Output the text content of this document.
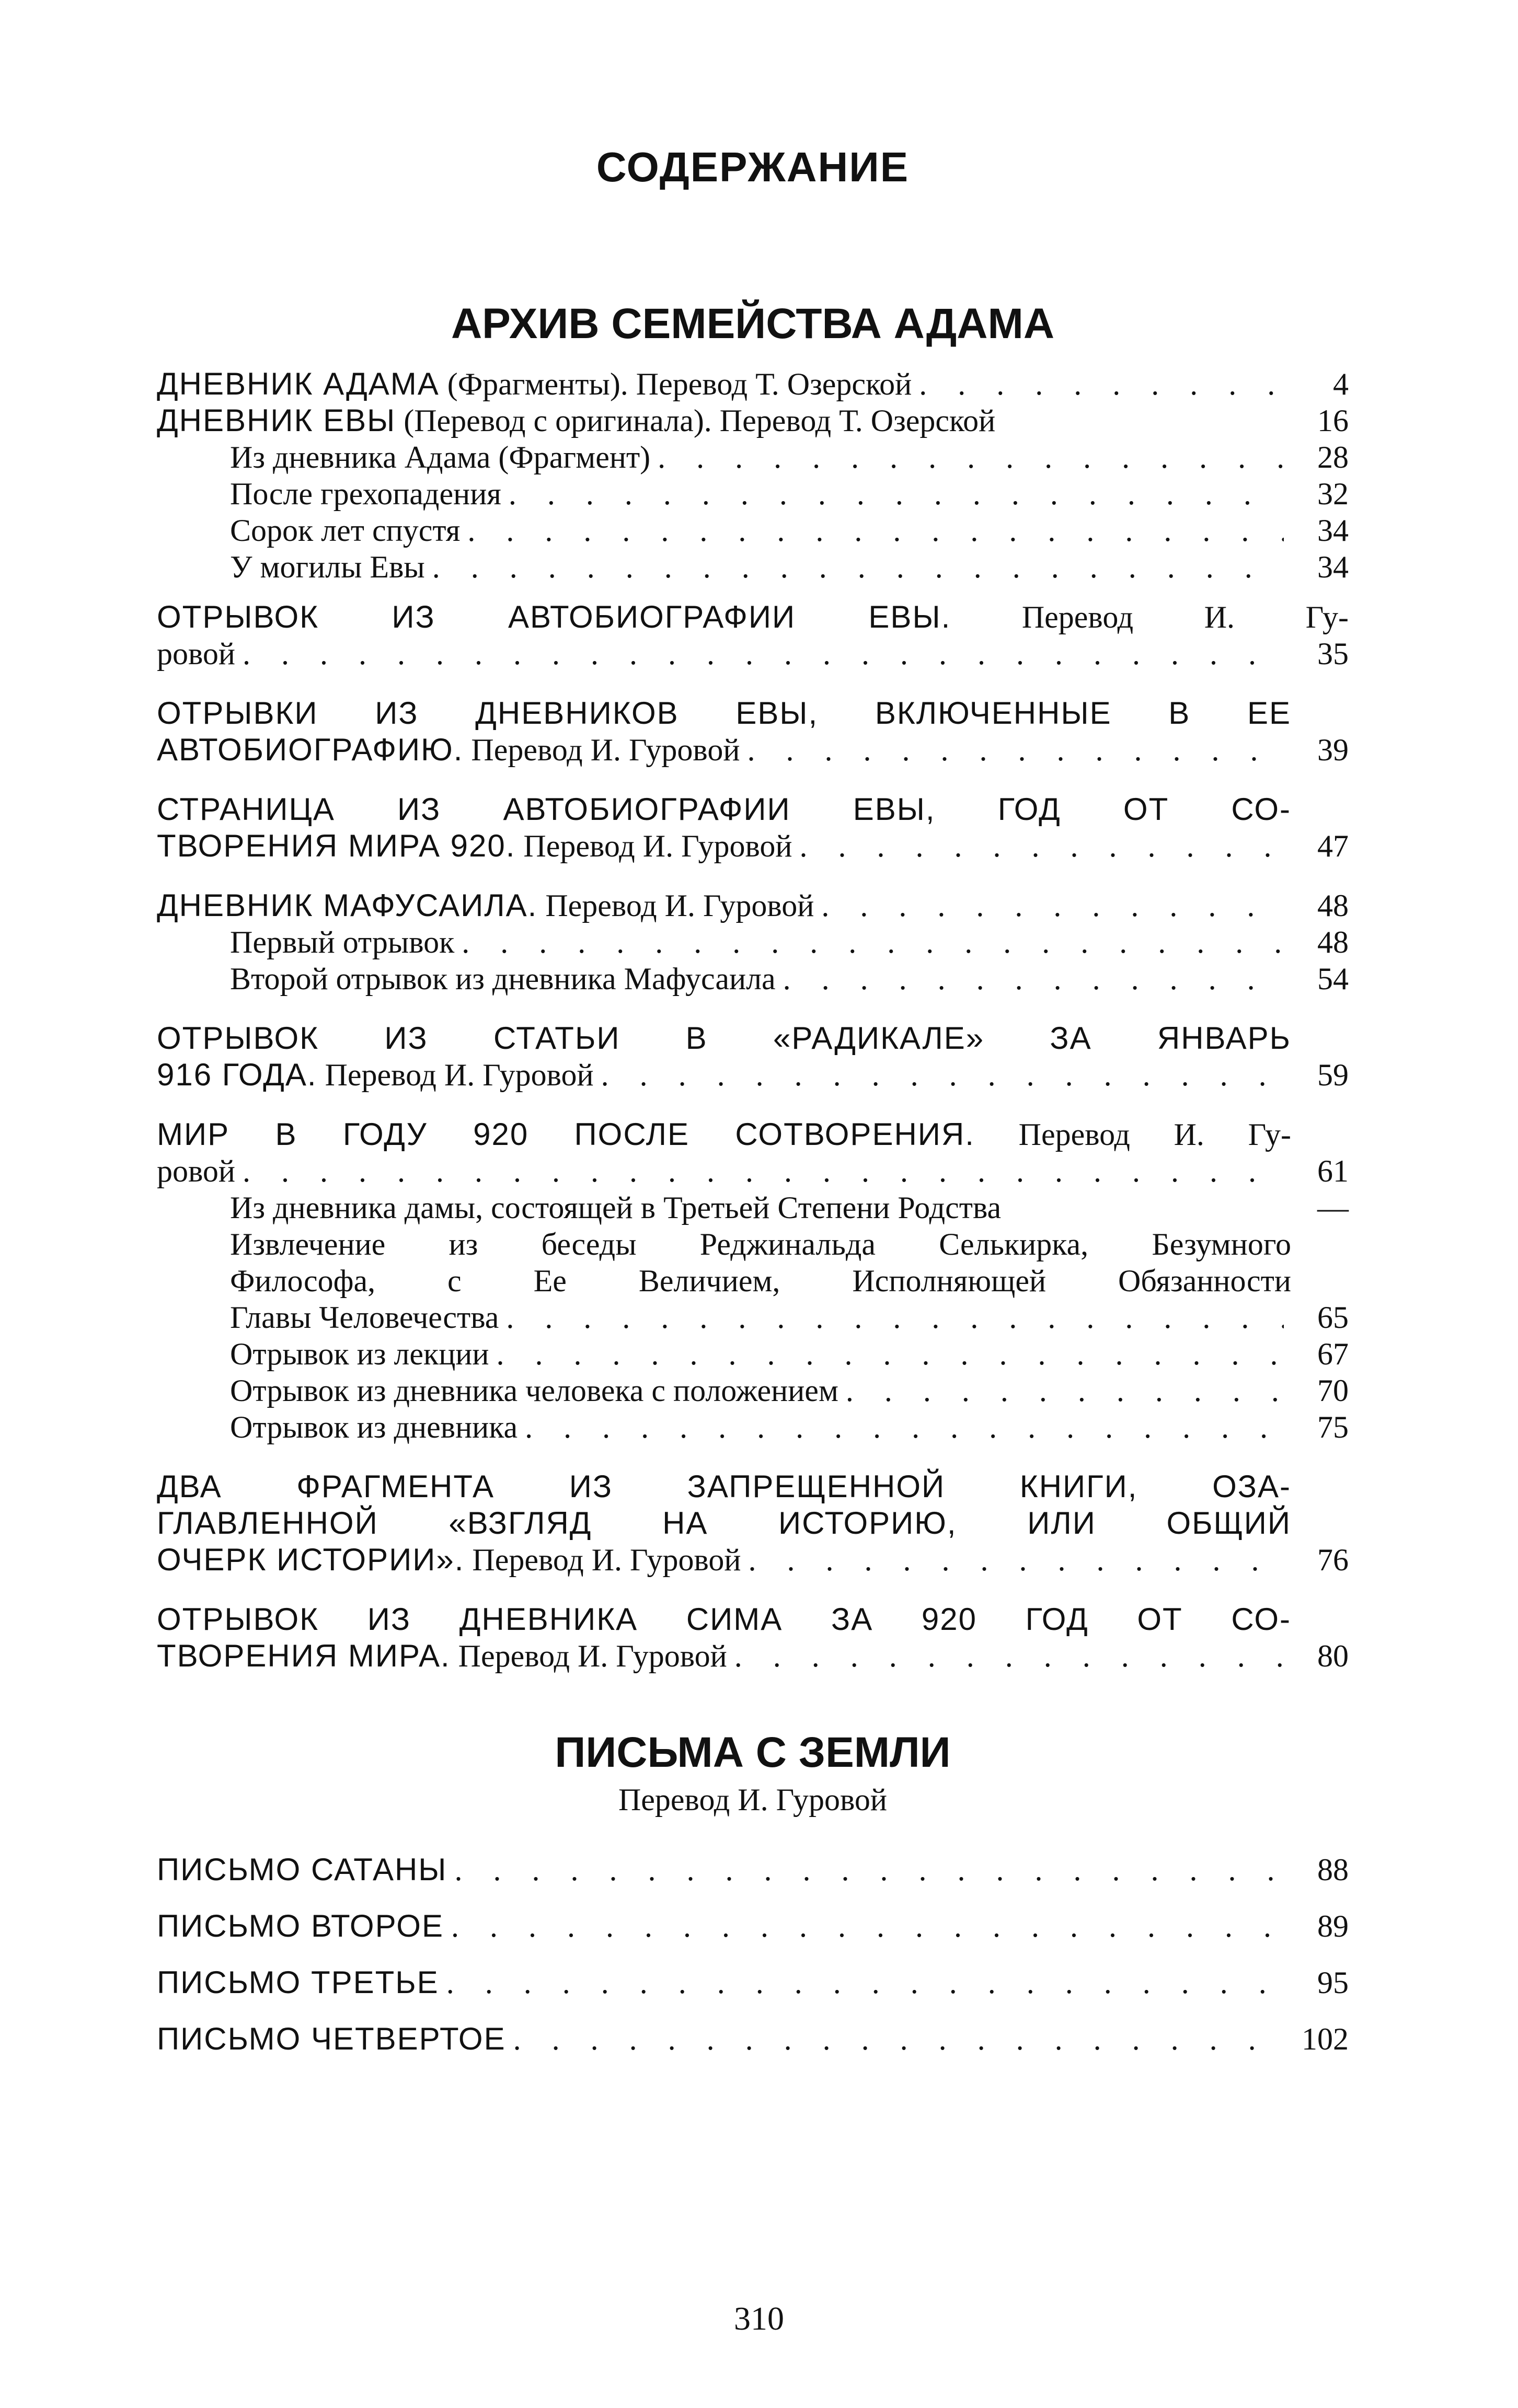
СОДЕРЖАНИЕ
АРХИВ СЕМЕЙСТВА АДАМА
ДНЕВНИК АДАМА (Фрагменты). Перевод Т. Озерской . . .	4
ДНЕВНИК ЕВЫ (Перевод с оригинала). Перевод Т. Озерской	16
Из дневника Адама (Фрагмент) . . .	28
После грехопадения . . .	32
Сорок лет спустя . . .	34
У могилы Евы . . .	34
ОТРЫВОК ИЗ АВТОБИОГРАФИИ ЕВЫ. Перевод И. Гу-
ровой . . .	35
ОТРЫВКИ ИЗ ДНЕВНИКОВ ЕВЫ, ВКЛЮЧЕННЫЕ В ЕЕ
АВТОБИОГРАФИЮ. Перевод И. Гуровой . . .	39
СТРАНИЦА ИЗ АВТОБИОГРАФИИ ЕВЫ, ГОД ОТ СО-
ТВОРЕНИЯ МИРА 920. Перевод И. Гуровой . . .	47
ДНЕВНИК МАФУСАИЛА. Перевод И. Гуровой . . .	48
Первый отрывок . . .	48
Второй отрывок из дневника Мафусаила . . .	54
ОТРЫВОК ИЗ СТАТЬИ В «РАДИКАЛЕ» ЗА ЯНВАРЬ
916 ГОДА. Перевод И. Гуровой . . .	59
МИР В ГОДУ 920 ПОСЛЕ СОТВОРЕНИЯ. Перевод И. Гу-
ровой . . .	61
Из дневника дамы, состоящей в Третьей Степени Родства	—
Извлечение из беседы Реджинальда Селькирка, Безумного
Философа, с Ее Величием, Исполняющей Обязанности
Главы Человечества . . .	65
Отрывок из лекции . . .	67
Отрывок из дневника человека с положением . . .	70
Отрывок из дневника . . .	75
ДВА ФРАГМЕНТА ИЗ ЗАПРЕЩЕННОЙ КНИГИ, ОЗА-
ГЛАВЛЕННОЙ «ВЗГЛЯД НА ИСТОРИЮ, ИЛИ ОБЩИЙ
ОЧЕРК ИСТОРИИ». Перевод И. Гуровой . . .	76
ОТРЫВОК ИЗ ДНЕВНИКА СИМА ЗА 920 ГОД ОТ СО-
ТВОРЕНИЯ МИРА. Перевод И. Гуровой . . .	80
ПИСЬМА С ЗЕМЛИ

Перевод И. Гуровой

ПИСЬМО САТАНЫ . . .	88
ПИСЬМО ВТОРОЕ . . .	89
ПИСЬМО ТРЕТЬЕ . . .	95
ПИСЬМО ЧЕТВЕРТОЕ . . .	102
310
